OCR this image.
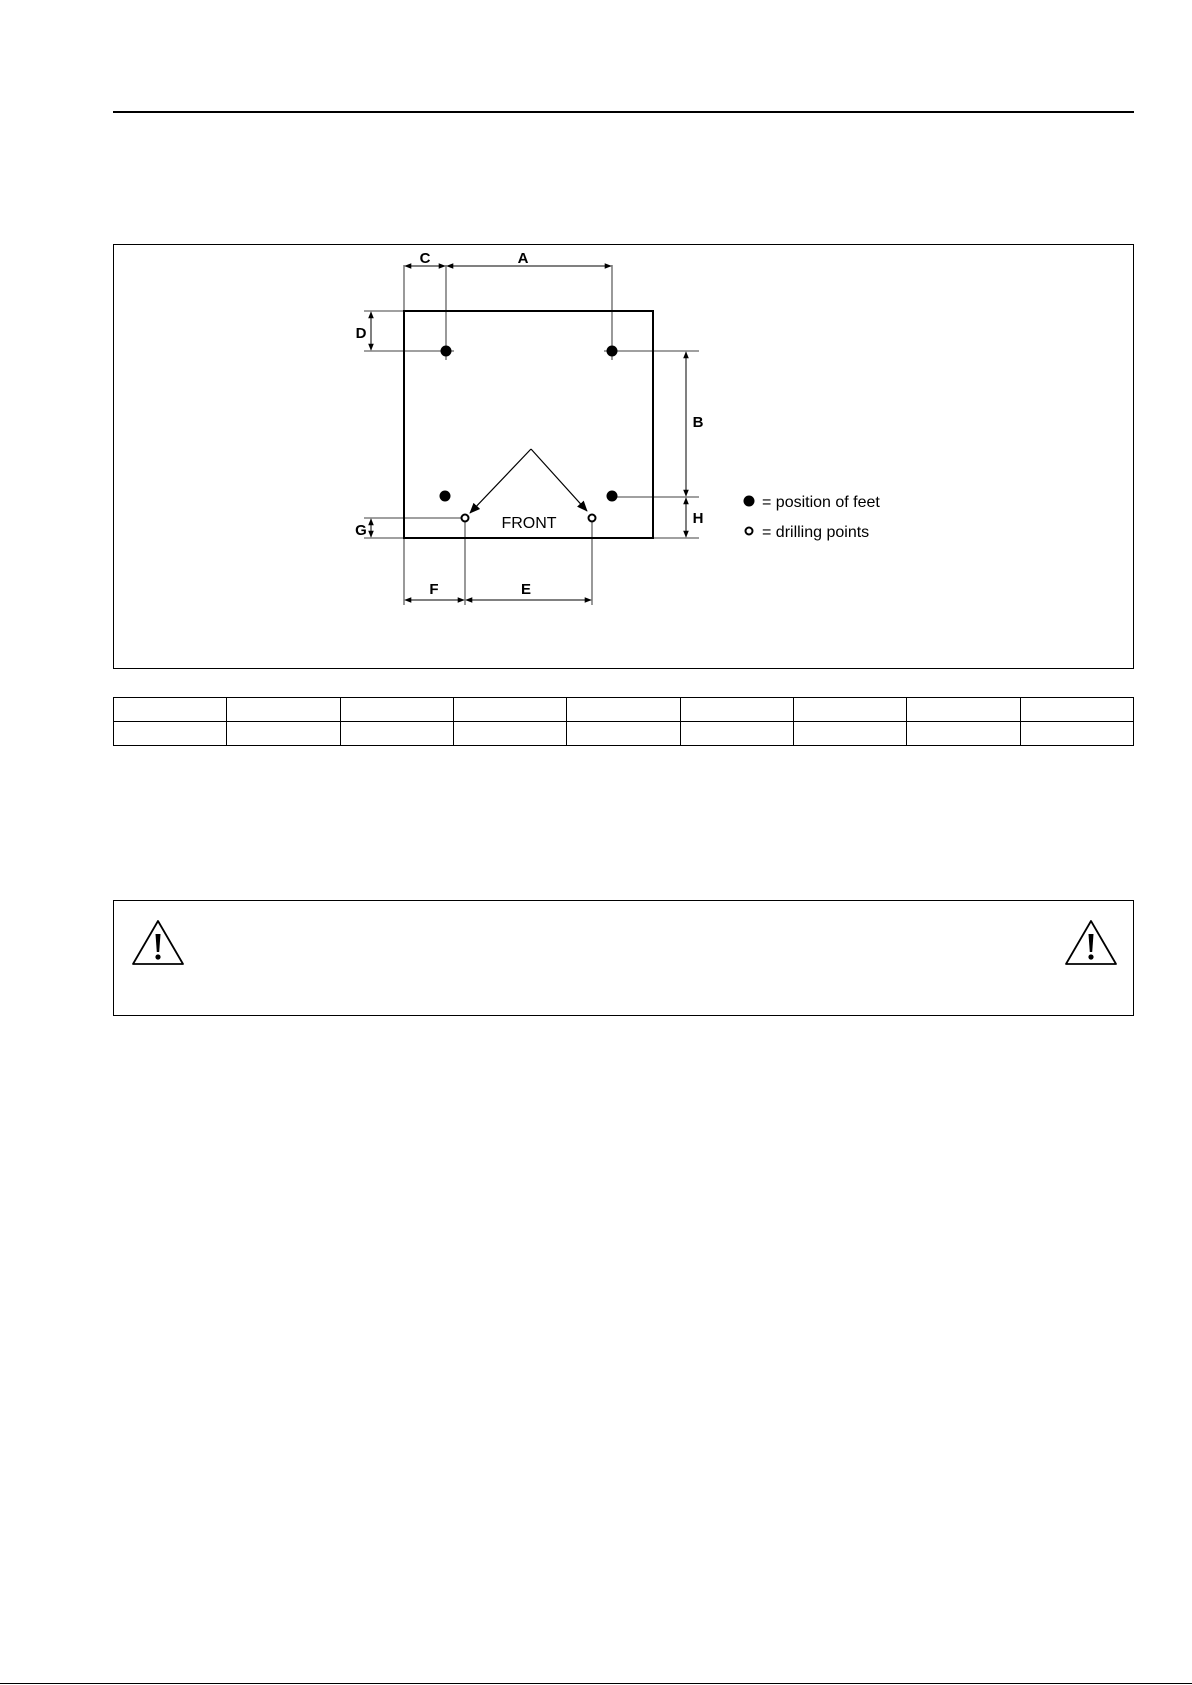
C	A
D
B
H
G
F	E
FRONT
= position of feet
= drilling points
